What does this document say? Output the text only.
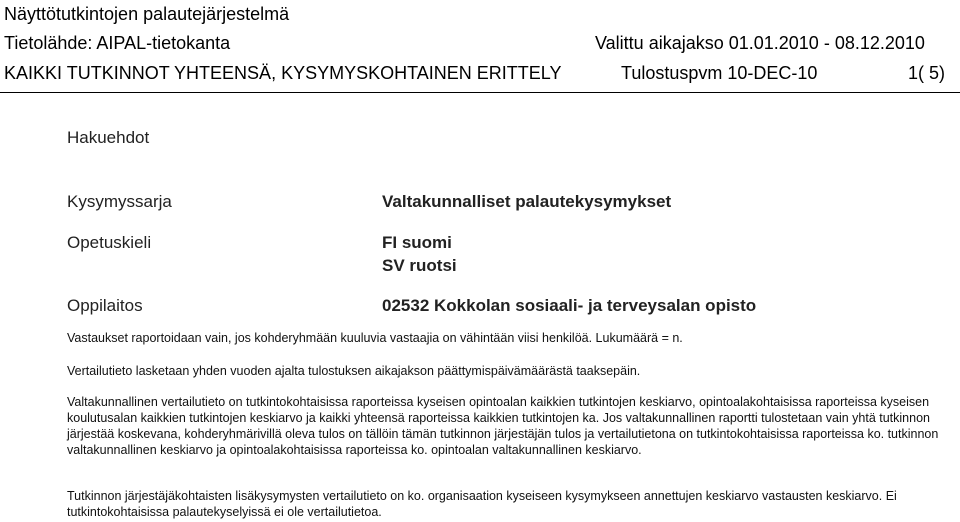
Näyttötutkintojen palautejärjestelmä
Tietolähde: AIPAL-tietokanta	Valittu aikajakso 01.01.2010 - 08.12.2010
KAIKKI TUTKINNOT YHTEENSÄ, KYSYMYSKOHTAINEN ERITTELY	Tulostuspvm 10-DEC-10	1( 5)
Hakuehdot
Kysymyssarja	Valtakunnalliset palautekysymykset
Opetuskieli	FI suomi
SV ruotsi
Oppilaitos	02532 Kokkolan sosiaali- ja terveysalan opisto
Vastaukset raportoidaan vain, jos kohderyhmään kuuluvia vastaajia on vähintään viisi henkilöä. Lukumäärä = n.
Vertailutieto lasketaan yhden vuoden ajalta tulostuksen aikajakson päättymispäivämäärästä taaksepäin.
Valtakunnallinen vertailutieto on tutkintokohtaisissa raporteissa kyseisen opintoalan kaikkien tutkintojen keskiarvo, opintoalakohtaisissa raporteissa kyseisen koulutusalan kaikkien tutkintojen keskiarvo ja kaikki yhteensä raporteissa kaikkien tutkintojen ka. Jos valtakunnallinen raportti tulostetaan vain yhtä tutkinnon järjestää koskevana, kohderyhmärivillä oleva tulos on tällöin tämän tutkinnon järjestäjän tulos ja vertailutietona on tutkintokohtaisissa raporteissa ko. tutkinnon valtakunnallinen keskiarvo ja opintoalakohtaisissa raporteissa ko. opintoalan valtakunnallinen keskiarvo.
Tutkinnon järjestäjäkohtaisten lisäkysymysten vertailutieto on ko. organisaation kyseiseen kysymykseen annettujen keskiarvo vastausten keskiarvo. Ei tutkintokohtaisissa palautekyselyissä ei ole vertailutietoa.
